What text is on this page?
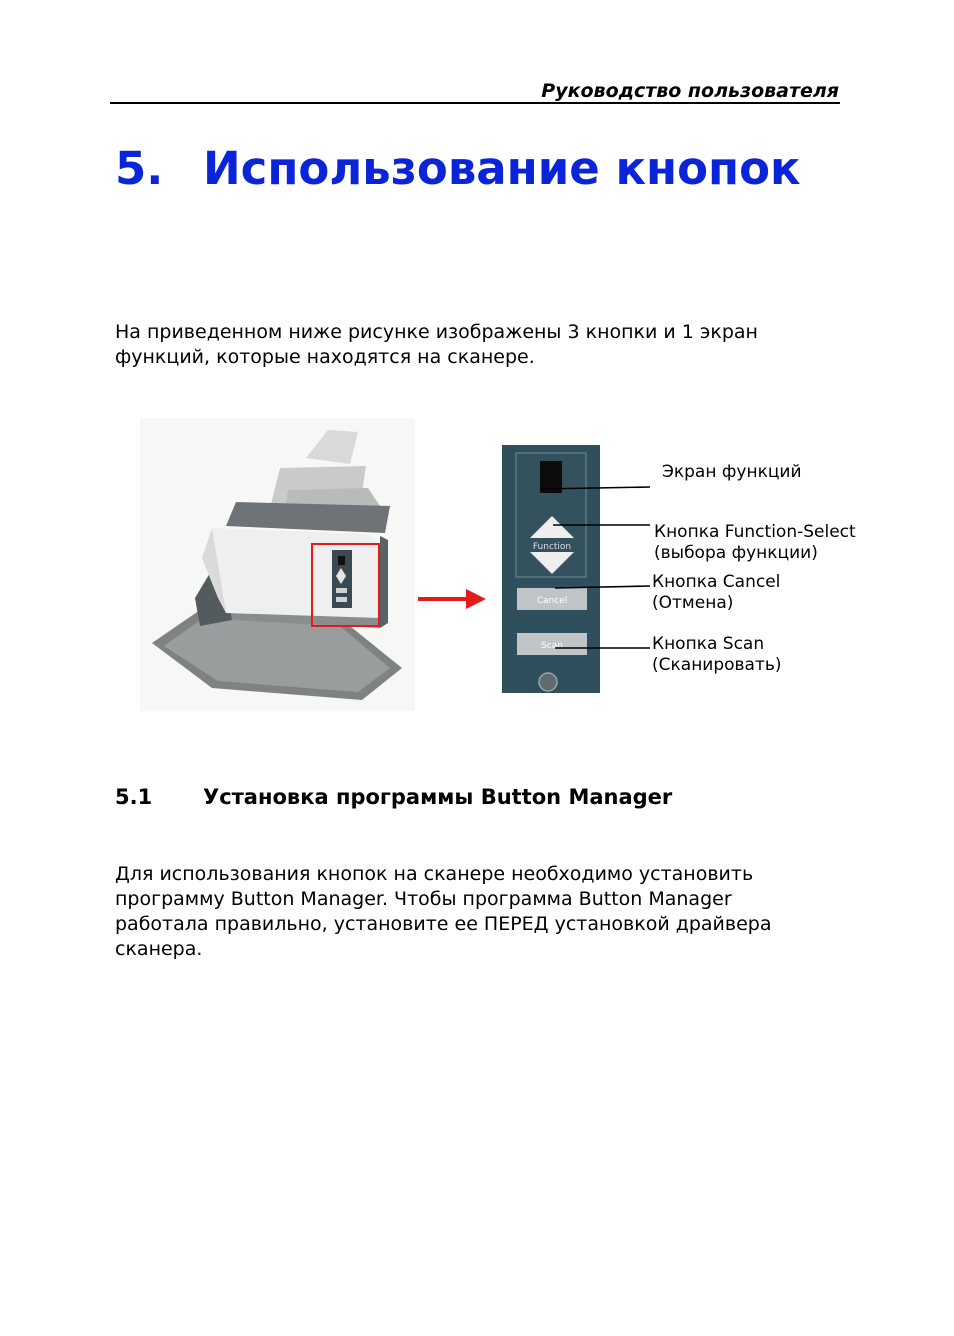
Руководство пользователя
5. Использование кнопок
На приведенном ниже рисунке изображены 3 кнопки и 1 экран
функций, которые находятся на сканере.
Function
Cancel
Scan
Экран функций
Кнопка Function-Select
(выбора функции)
Кнопка Cancel
(Отмена)
Кнопка Scan
(Сканировать)
5.1 Установка программы Button Manager
Для использования кнопок на сканере необходимо установить
программу Button Manager. Чтобы программа Button Manager
работала правильно, установите ее ПЕРЕД установкой драйвера
сканера.
